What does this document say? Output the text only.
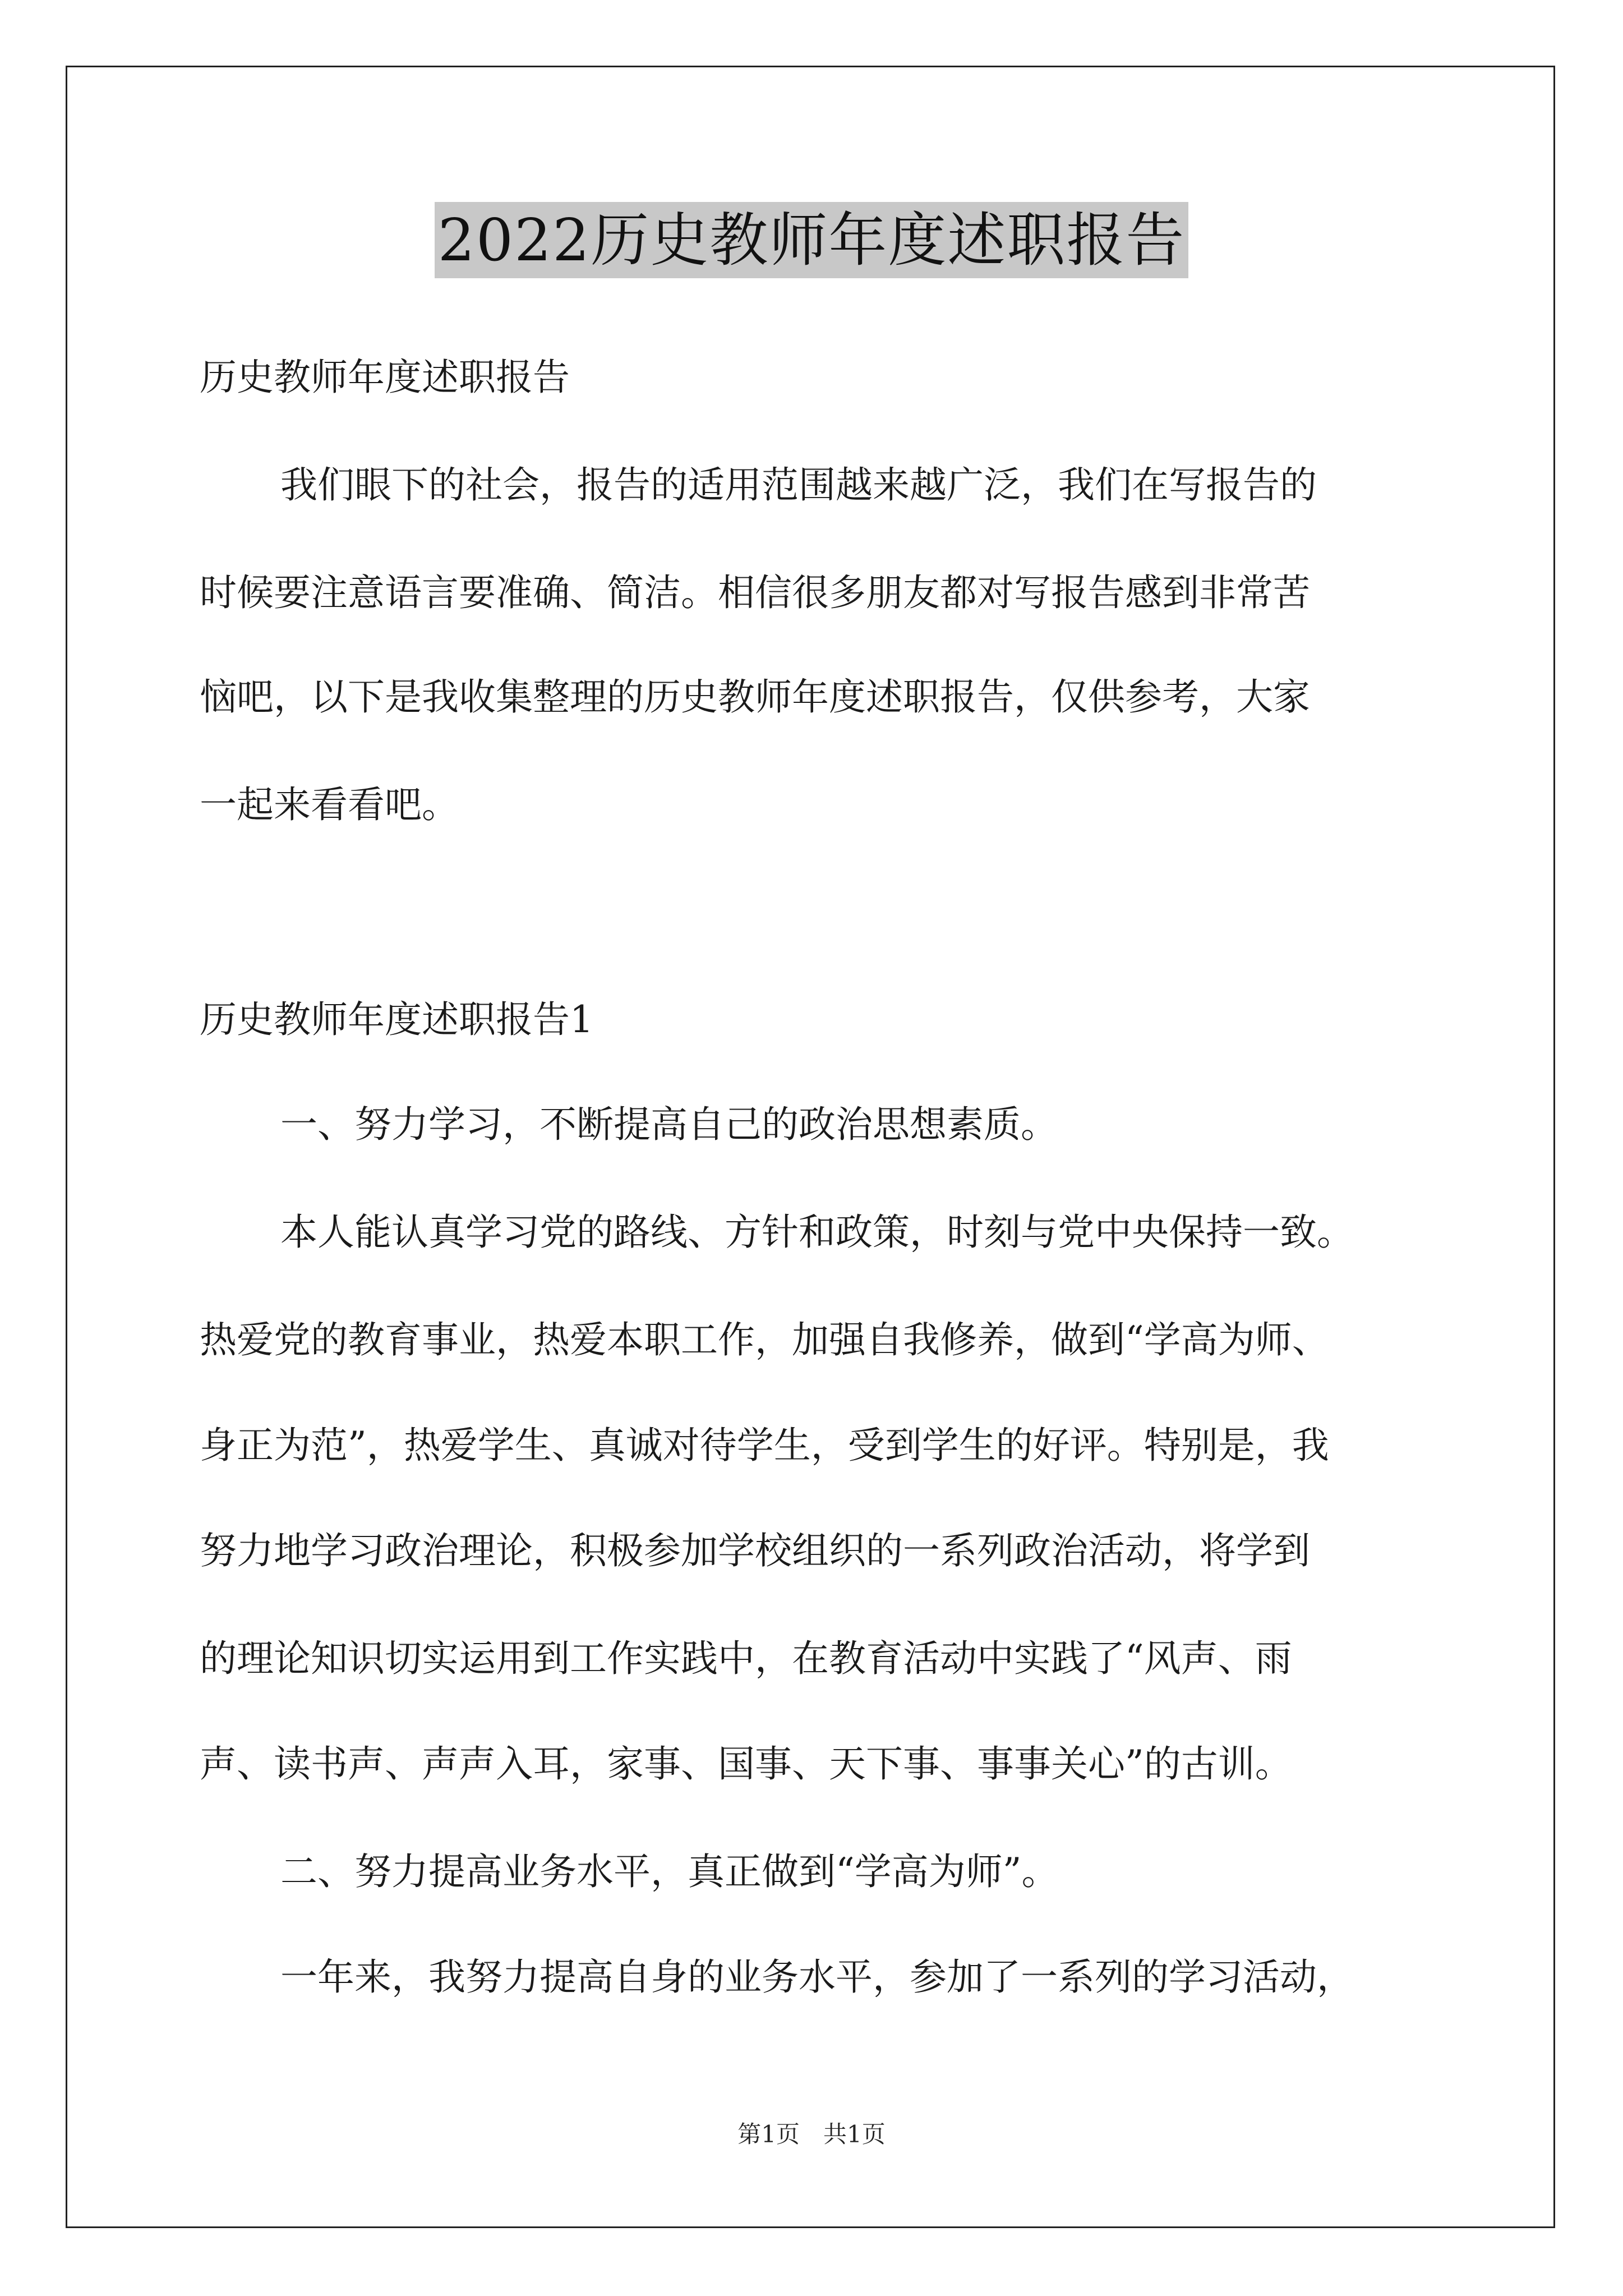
2022历史教师年度述职报告
历史教师年度述职报告
我们眼下的社会，报告的适用范围越来越广泛，我们在写报告的
时候要注意语言要准确、简洁。相信很多朋友都对写报告感到非常苦
恼吧，以下是我收集整理的历史教师年度述职报告，仅供参考，大家
一起来看看吧。
历史教师年度述职报告1
一、努力学习，不断提高自己的政治思想素质。
本人能认真学习党的路线、方针和政策，时刻与党中央保持一致。
热爱党的教育事业，热爱本职工作，加强自我修养，做到“学高为师、
身正为范”，热爱学生、真诚对待学生，受到学生的好评。特别是，我
努力地学习政治理论，积极参加学校组织的一系列政治活动，将学到
的理论知识切实运用到工作实践中，在教育活动中实践了“风声、雨
声、读书声、声声入耳，家事、国事、天下事、事事关心”的古训。
二、努力提高业务水平，真正做到“学高为师”。
一年来，我努力提高自身的业务水平，参加了一系列的学习活动，
第1页　共1页
